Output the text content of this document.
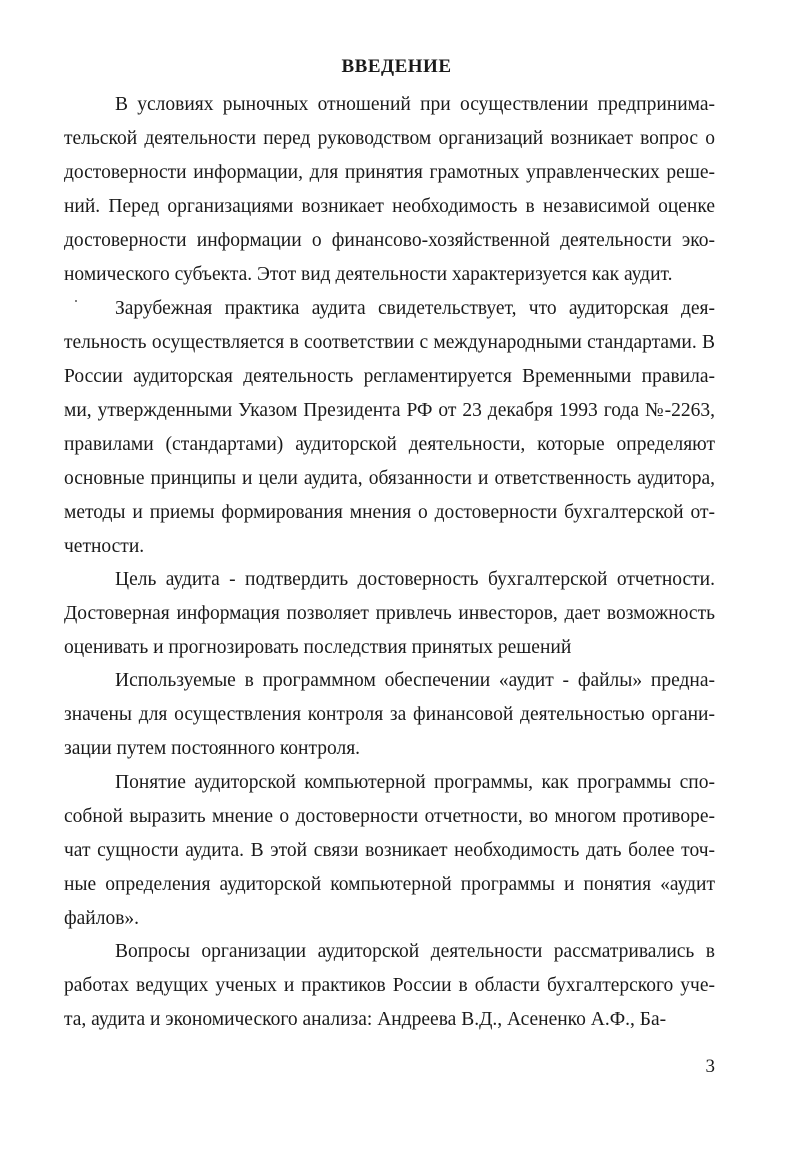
ВВЕДЕНИЕ
В условиях рыночных отношений при осуществлении предпринима-
тельской деятельности перед руководством организаций возникает вопрос о
достоверности информации, для принятия грамотных управленческих реше-
ний. Перед организациями возникает необходимость в независимой оценке
достоверности информации о финансово-хозяйственной деятельности эко-
номического субъекта. Этот вид деятельности характеризуется как аудит.
Зарубежная практика аудита свидетельствует, что аудиторская дея-
тельность осуществляется в соответствии с международными стандартами. В
России аудиторская деятельность регламентируется Временными правила-
ми, утвержденными Указом Президента РФ от 23 декабря 1993 года №-2263,
правилами (стандартами) аудиторской деятельности, которые определяют
основные принципы и цели аудита, обязанности и ответственность аудитора,
методы и приемы формирования мнения о достоверности бухгалтерской от-
четности.
Цель аудита - подтвердить достоверность бухгалтерской отчетности.
Достоверная информация позволяет привлечь инвесторов, дает возможность
оценивать и прогнозировать последствия принятых решений
Используемые в программном обеспечении «аудит - файлы» предна-
значены для осуществления контроля за финансовой деятельностью органи-
зации путем постоянного контроля.
Понятие аудиторской компьютерной программы, как программы спо-
собной выразить мнение о достоверности отчетности, во многом противоре-
чат сущности аудита. В этой связи возникает необходимость дать более точ-
ные определения аудиторской компьютерной программы и понятия «аудит
файлов».
Вопросы организации аудиторской деятельности рассматривались в
работах ведущих ученых и практиков России в области бухгалтерского уче-
та, аудита и экономического анализа: Андреева В.Д., Асененко А.Ф., Ба-
3
